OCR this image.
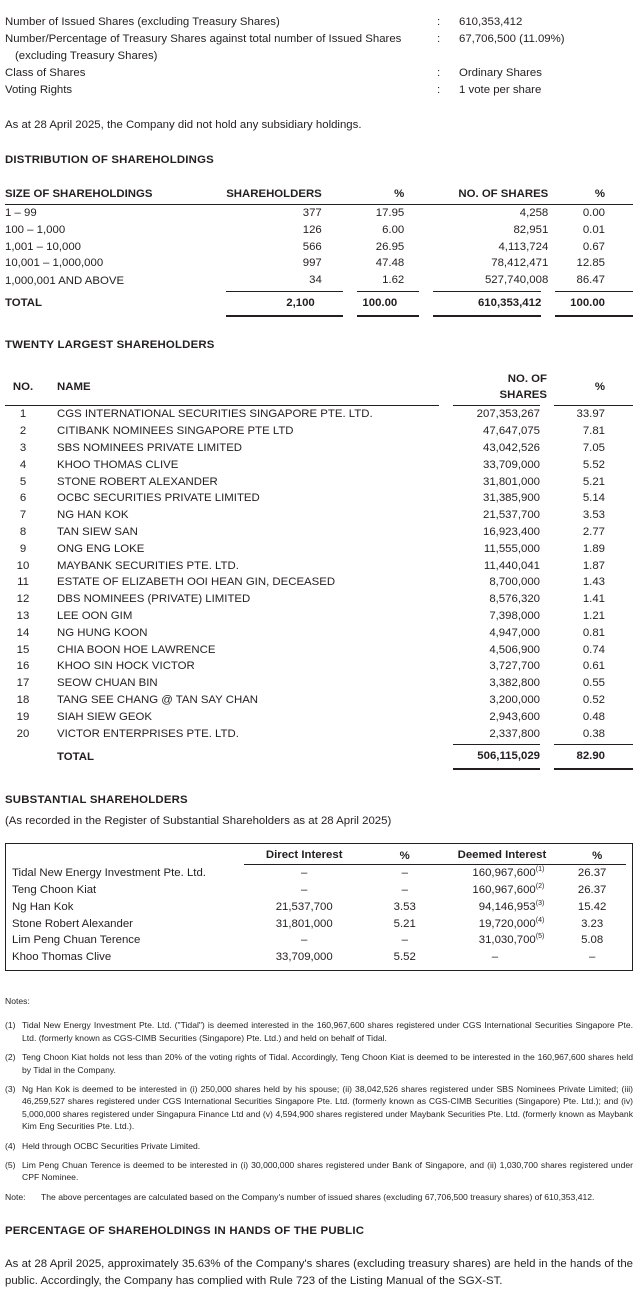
Number of Issued Shares (excluding Treasury Shares)	:	610,353,412
Number/Percentage of Treasury Shares against total number of Issued Shares
(excluding Treasury Shares)
:	67,706,500 (11.09%)
Class of Shares	:	Ordinary Shares
Voting Rights	:	1 vote per share

As at 28 April 2025, the Company did not hold any subsidiary holdings.

DISTRIBUTION OF SHAREHOLDINGS
SIZE OF SHAREHOLDINGS	SHAREHOLDERS	%	NO. OF SHARES	%
1 – 99	377	17.95	4,258	0.00
100 – 1,000	126	6.00	82,951	0.01
1,001 – 10,000	566	26.95	4,113,724	0.67
10,001 – 1,000,000	997	47.48	78,412,471	12.85
1,000,001 AND ABOVE	34	1.62	527,740,008	86.47
TOTAL	2,100	100.00	610,353,412	100.00
TWENTY LARGEST SHAREHOLDERS
NO.	NAME	NO. OF SHARES	%
1	CGS INTERNATIONAL SECURITIES SINGAPORE PTE. LTD.	207,353,267	33.97
2	CITIBANK NOMINEES SINGAPORE PTE LTD	47,647,075	7.81
3	SBS NOMINEES PRIVATE LIMITED	43,042,526	7.05
4	KHOO THOMAS CLIVE	33,709,000	5.52
5	STONE ROBERT ALEXANDER	31,801,000	5.21
6	OCBC SECURITIES PRIVATE LIMITED	31,385,900	5.14
7	NG HAN KOK	21,537,700	3.53
8	TAN SIEW SAN	16,923,400	2.77
9	ONG ENG LOKE	11,555,000	1.89
10	MAYBANK SECURITIES PTE. LTD.	11,440,041	1.87
11	ESTATE OF ELIZABETH OOI HEAN GIN, DECEASED	8,700,000	1.43
12	DBS NOMINEES (PRIVATE) LIMITED	8,576,320	1.41
13	LEE OON GIM	7,398,000	1.21
14	NG HUNG KOON	4,947,000	0.81
15	CHIA BOON HOE LAWRENCE	4,506,900	0.74
16	KHOO SIN HOCK VICTOR	3,727,700	0.61
17	SEOW CHUAN BIN	3,382,800	0.55
18	TANG SEE CHANG @ TAN SAY CHAN	3,200,000	0.52
19	SIAH SIEW GEOK	2,943,600	0.48
20	VICTOR ENTERPRISES PTE. LTD.	2,337,800	0.38
	TOTAL	506,115,029	82.90
SUBSTANTIAL SHAREHOLDERS

(As recorded in the Register of Substantial Shareholders as at 28 April 2025)

	Direct Interest	%	Deemed Interest	%
Tidal New Energy Investment Pte. Ltd.	–	–	160,967,600$^{(1)}$	26.37
Teng Choon Kiat	–	–	160,967,600$^{(2)}$	26.37
Ng Han Kok	21,537,700	3.53	94,146,953$^{(3)}$	15.42
Stone Robert Alexander	31,801,000	5.21	19,720,000$^{(4)}$	3.23
Lim Peng Chuan Terence	–	–	31,030,700$^{(5)}$	5.08
Khoo Thomas Clive	33,709,000	5.52	–	–
Notes:
(1) Tidal New Energy Investment Pte. Ltd. ("Tidal") is deemed interested in the 160,967,600 shares registered under CGS International Securities Singapore Pte. Ltd. (formerly known as CGS-CIMB Securities (Singapore) Pte. Ltd.) and held on behalf of Tidal.
(2) Teng Choon Kiat holds not less than 20% of the voting rights of Tidal. Accordingly, Teng Choon Kiat is deemed to be interested in the 160,967,600 shares held by Tidal in the Company.
(3) Ng Han Kok is deemed to be interested in (i) 250,000 shares held by his spouse; (ii) 38,042,526 shares registered under SBS Nominees Private Limited; (iii) 46,259,527 shares registered under CGS International Securities Singapore Pte. Ltd. (formerly known as CGS-CIMB Securities (Singapore) Pte. Ltd.); and (iv) 5,000,000 shares registered under Singapura Finance Ltd and (v) 4,594,900 shares registered under Maybank Securities Pte. Ltd. (formerly known as Maybank Kim Eng Securities Pte. Ltd.).
(4) Held through OCBC Securities Private Limited.
(5) Lim Peng Chuan Terence is deemed to be interested in (i) 30,000,000 shares registered under Bank of Singapore, and (ii) 1,030,700 shares registered under CPF Nominee.
Note:	The above percentages are calculated based on the Company's number of issued shares (excluding 67,706,500 treasury shares) of 610,353,412.
PERCENTAGE OF SHAREHOLDINGS IN HANDS OF THE PUBLIC

As at 28 April 2025, approximately 35.63% of the Company's shares (excluding treasury shares) are held in the hands of the public. Accordingly, the Company has complied with Rule 723 of the Listing Manual of the SGX-ST.
